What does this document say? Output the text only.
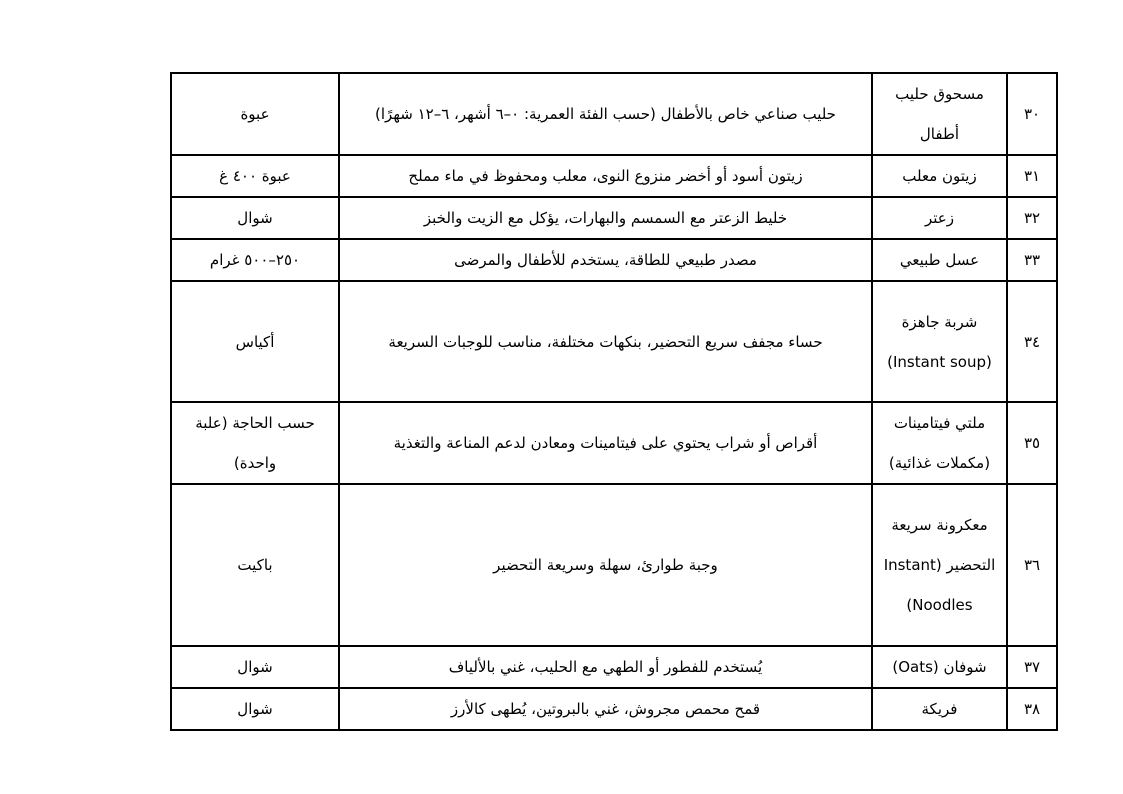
٣٠	مسحوق حليب أطفال	حليب صناعي خاص بالأطفال (حسب الفئة العمرية: ٠–٦ أشهر، ٦–١٢ شهرًا)	عبوة
٣١	زيتون معلب	زيتون أسود أو أخضر منزوع النوى، معلب ومحفوظ في ماء مملح	عبوة ٤٠٠ غ
٣٢	زعتر	خليط الزعتر مع السمسم والبهارات، يؤكل مع الزيت والخبز	شوال
٣٣	عسل طبيعي	مصدر طبيعي للطاقة، يستخدم للأطفال والمرضى	٢٥٠–٥٠٠ غرام
٣٤	شربة جاهزة (Instant soup)	حساء مجفف سريع التحضير، بنكهات مختلفة، مناسب للوجبات السريعة	أكياس
٣٥	ملتي فيتامينات (مكملات غذائية)	أقراص أو شراب يحتوي على فيتامينات ومعادن لدعم المناعة والتغذية	حسب الحاجة (علبة واحدة)
٣٦	معكرونة سريعة التحضير (Instant Noodles)	وجبة طوارئ، سهلة وسريعة التحضير	باكيت
٣٧	شوفان (Oats)	يُستخدم للفطور أو الطهي مع الحليب، غني بالألياف	شوال
٣٨	فريكة	قمح محمص مجروش، غني بالبروتين، يُطهى كالأرز	شوال
